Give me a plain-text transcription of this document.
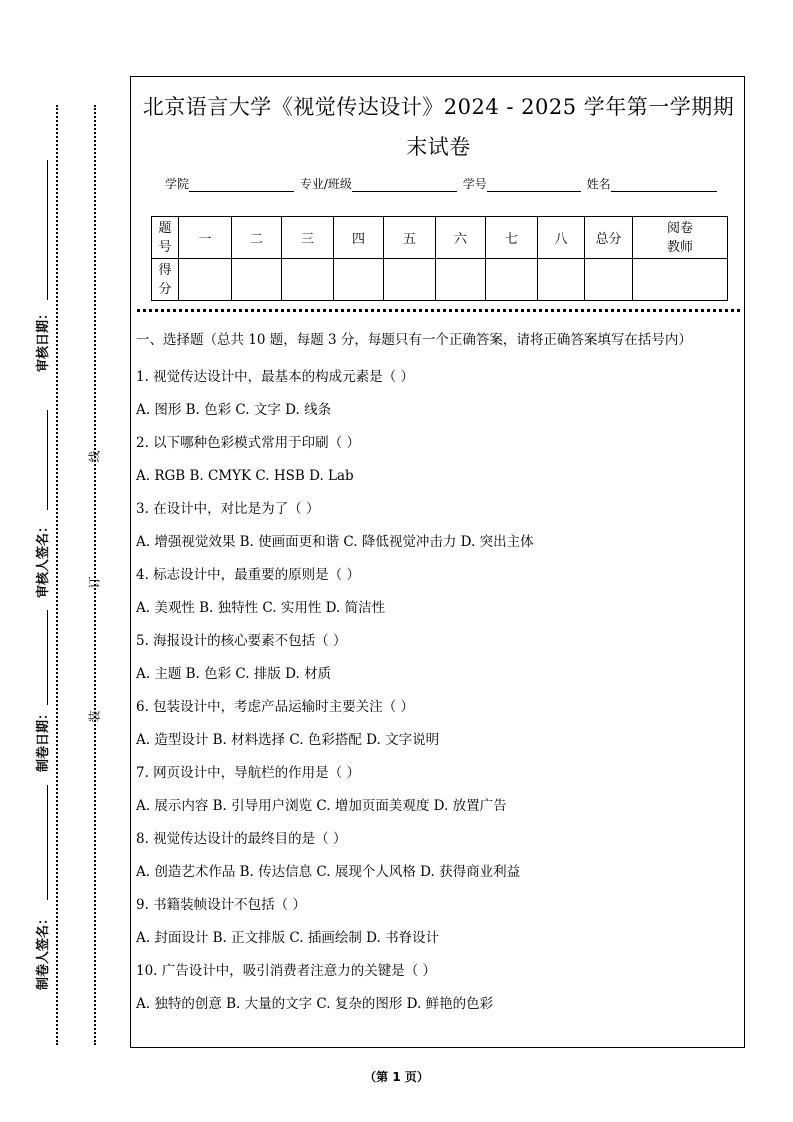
审核日期：
审核人签名：
制卷日期：
制卷人签名：
线
订
装
北京语言大学《视觉传达设计》2024 - 2025 学年第一学期期末试卷
学院	专业/班级	学号	姓名
题号	一	二	三	四	五	六	七	八	总分	阅卷教师
得分										
一、选择题（总共 10 题，每题 3 分，每题只有一个正确答案，请将正确答案填写在括号内）
1. 视觉传达设计中，最基本的构成元素是（ ）
A. 图形 B. 色彩 C. 文字 D. 线条
2. 以下哪种色彩模式常用于印刷（ ）
A. RGB B. CMYK C. HSB D. Lab
3. 在设计中，对比是为了（ ）
A. 增强视觉效果 B. 使画面更和谐 C. 降低视觉冲击力 D. 突出主体
4. 标志设计中，最重要的原则是（ ）
A. 美观性 B. 独特性 C. 实用性 D. 简洁性
5. 海报设计的核心要素不包括（ ）
A. 主题 B. 色彩 C. 排版 D. 材质
6. 包装设计中，考虑产品运输时主要关注（ ）
A. 造型设计 B. 材料选择 C. 色彩搭配 D. 文字说明
7. 网页设计中，导航栏的作用是（ ）
A. 展示内容 B. 引导用户浏览 C. 增加页面美观度 D. 放置广告
8. 视觉传达设计的最终目的是（ ）
A. 创造艺术作品 B. 传达信息 C. 展现个人风格 D. 获得商业利益
9. 书籍装帧设计不包括（ ）
A. 封面设计 B. 正文排版 C. 插画绘制 D. 书脊设计
10. 广告设计中，吸引消费者注意力的关键是（ ）
A. 独特的创意 B. 大量的文字 C. 复杂的图形 D. 鲜艳的色彩
（第 1 页）
